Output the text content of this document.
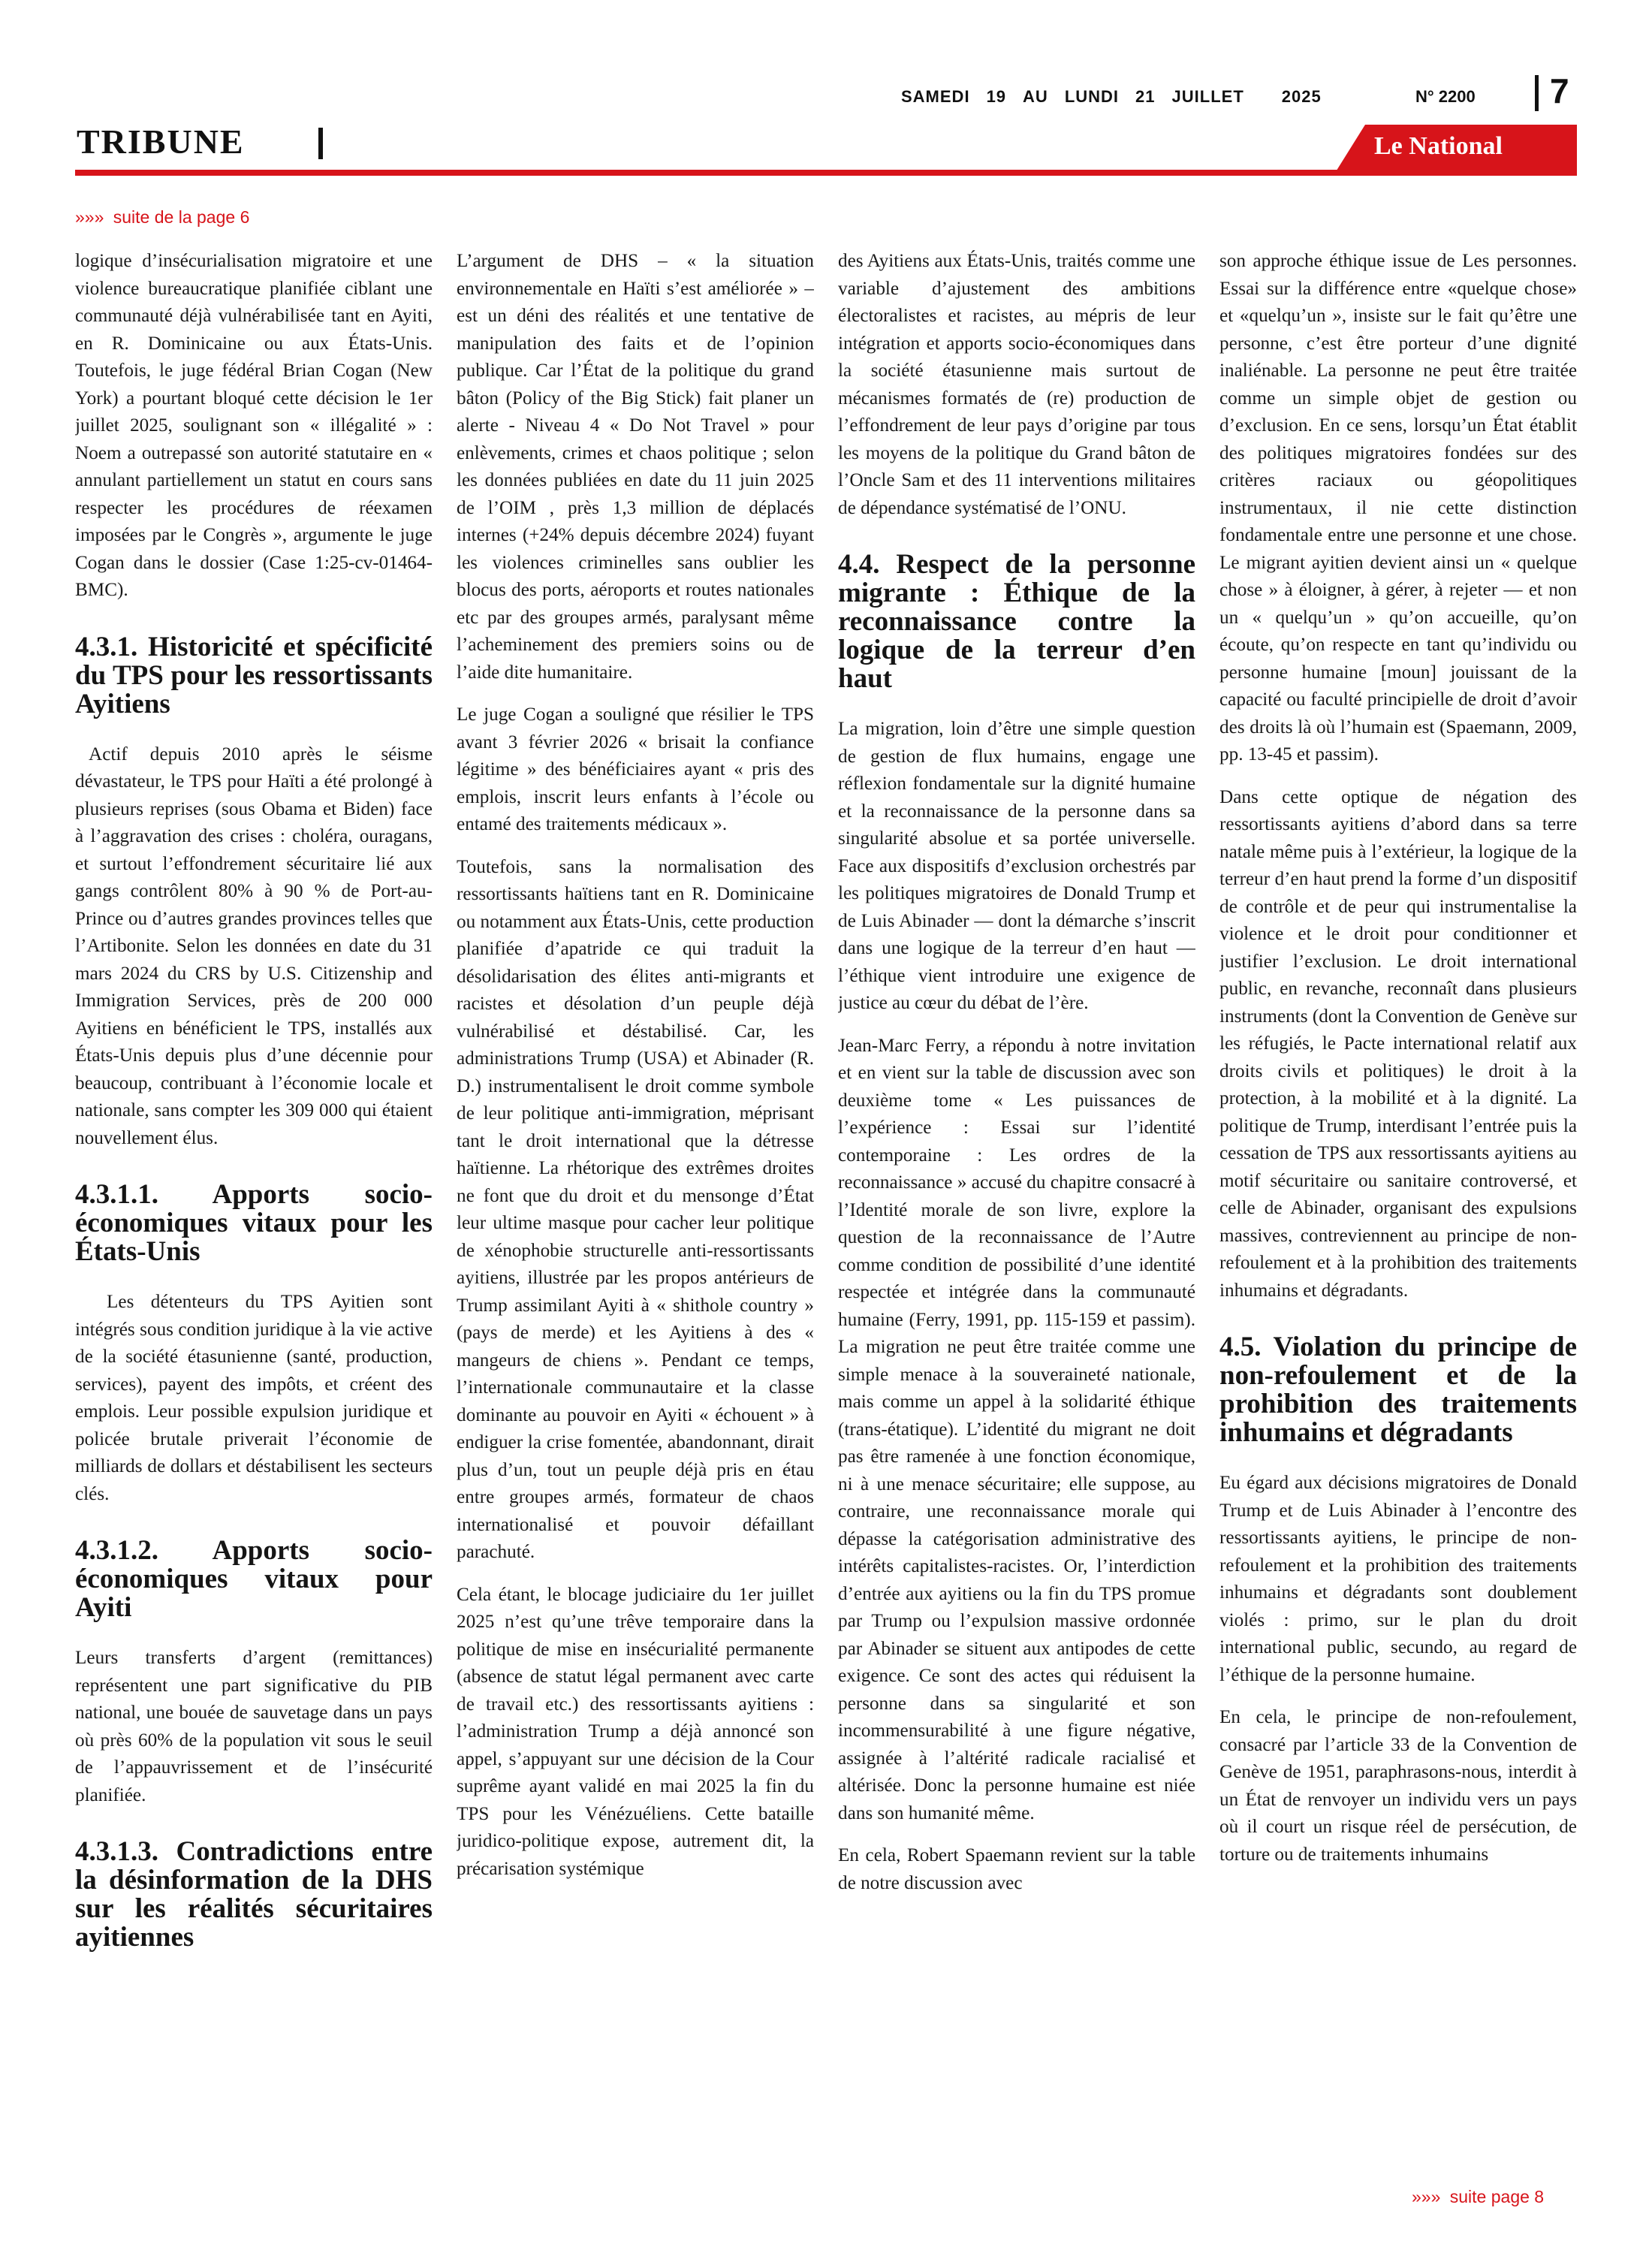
SAMEDI 19 AU LUNDI 21 JUILLET 2025	N° 2200 7
TRIBUNE	Le National
»»» suite de la page 6

logique d’insécurialisation migratoire et une violence bureaucratique planifiée ciblant une communauté déjà vulnérabilisée tant en Ayiti, en R. Dominicaine ou aux États-Unis. Toutefois, le juge fédéral Brian Cogan (New York) a pourtant bloqué cette décision le 1er juillet 2025, soulignant son « illégalité » : Noem a outrepassé son autorité statutaire en « annulant partiellement un statut en cours sans respecter les procédures de réexamen imposées par le Congrès », argumente le juge Cogan dans le dossier (Case 1:25-cv-01464-BMC).

4.3.1. Historicité et spécificité du TPS pour les ressortissants Ayitiens

Actif depuis 2010 après le séisme dévastateur, le TPS pour Haïti a été prolongé à plusieurs reprises (sous Obama et Biden) face à l’aggravation des crises : choléra, ouragans, et surtout l’effondrement sécuritaire lié aux gangs contrôlent 80% à 90 % de Port-au-Prince ou d’autres grandes provinces telles que l’Artibonite. Selon les données en date du 31 mars 2024 du CRS by U.S. Citizenship and Immigration Services, près de 200 000 Ayitiens en bénéficient le TPS, installés aux États-Unis depuis plus d’une décennie pour beaucoup, contribuant à l’économie locale et nationale, sans compter les 309 000 qui étaient nouvellement élus.

4.3.1.1. Apports socio-économiques vitaux pour les États-Unis

Les détenteurs du TPS Ayitien sont intégrés sous condition juridique à la vie active de la société étasunienne (santé, production, services), payent des impôts, et créent des emplois. Leur possible expulsion juridique et policée brutale priverait l’économie de milliards de dollars et déstabilisent les secteurs clés.

4.3.1.2. Apports socio-économiques vitaux pour Ayiti

Leurs transferts d’argent (remittances) représentent une part significative du PIB national, une bouée de sauvetage dans un pays où près 60% de la population vit sous le seuil de l’appauvrissement et de l’insécurité planifiée.

4.3.1.3. Contradictions entre la désinformation de la DHS sur les réalités sécuritaires ayitiennes

L’argument de DHS – « la situation environnementale en Haïti s’est améliorée » – est un déni des réalités et une tentative de manipulation des faits et de l’opinion publique. Car l’État de la politique du grand bâton (Policy of the Big Stick) fait planer un alerte - Niveau 4 « Do Not Travel » pour enlèvements, crimes et chaos politique ; selon les données publiées en date du 11 juin 2025 de l’OIM , près 1,3 million de déplacés internes (+24% depuis décembre 2024) fuyant les violences criminelles sans oublier les blocus des ports, aéroports et routes nationales etc par des groupes armés, paralysant même l’acheminement des premiers soins ou de l’aide dite humanitaire.

Le juge Cogan a souligné que résilier le TPS avant 3 février 2026 « brisait la confiance légitime » des bénéficiaires ayant « pris des emplois, inscrit leurs enfants à l’école ou entamé des traitements médicaux ».

Toutefois, sans la normalisation des ressortissants haïtiens tant en R. Dominicaine ou notamment aux États-Unis, cette production planifiée d’apatride ce qui traduit la désolidarisation des élites anti-migrants et racistes et désolation d’un peuple déjà vulnérabilisé et déstabilisé. Car, les administrations Trump (USA) et Abinader (R. D.) instrumentalisent le droit comme symbole de leur politique anti-immigration, méprisant tant le droit international que la détresse haïtienne. La rhétorique des extrêmes droites ne font que du droit et du mensonge d’État leur ultime masque pour cacher leur politique de xénophobie structurelle anti-ressortissants ayitiens, illustrée par les propos antérieurs de Trump assimilant Ayiti à « shithole country » (pays de merde) et les Ayitiens à des « mangeurs de chiens ». Pendant ce temps, l’internationale communautaire et la classe dominante au pouvoir en Ayiti « échouent » à endiguer la crise fomentée, abandonnant, dirait plus d’un, tout un peuple déjà pris en étau entre groupes armés, formateur de chaos internationalisé et pouvoir défaillant parachuté.

Cela étant, le blocage judiciaire du 1er juillet 2025 n’est qu’une trêve temporaire dans la politique de mise en insécurialité permanente (absence de statut légal permanent avec carte de travail etc.) des ressortissants ayitiens : l’administration Trump a déjà annoncé son appel, s’appuyant sur une décision de la Cour suprême ayant validé en mai 2025 la fin du TPS pour les Vénézuéliens. Cette bataille juridico-politique expose, autrement dit, la précarisation systémique

des Ayitiens aux États-Unis, traités comme une variable d’ajustement des ambitions électoralistes et racistes, au mépris de leur intégration et apports socio-économiques dans la société étasunienne mais surtout de mécanismes formatés de (re) production de l’effondrement de leur pays d’origine par tous les moyens de la politique du Grand bâton de l’Oncle Sam et des 11 interventions militaires de dépendance systématisé de l’ONU.

4.4. Respect de la personne migrante : Éthique de la reconnaissance contre la logique de la terreur d’en haut

La migration, loin d’être une simple question de gestion de flux humains, engage une réflexion fondamentale sur la dignité humaine et la reconnaissance de la personne dans sa singularité absolue et sa portée universelle. Face aux dispositifs d’exclusion orchestrés par les politiques migratoires de Donald Trump et de Luis Abinader — dont la démarche s’inscrit dans une logique de la terreur d’en haut — l’éthique vient introduire une exigence de justice au cœur du débat de l’ère.

Jean-Marc Ferry, a répondu à notre invitation et en vient sur la table de discussion avec son deuxième tome « Les puissances de l’expérience : Essai sur l’identité contemporaine : Les ordres de la reconnaissance » accusé du chapitre consacré à l’Identité morale de son livre, explore la question de la reconnaissance de l’Autre comme condition de possibilité d’une identité respectée et intégrée dans la communauté humaine (Ferry, 1991, pp. 115-159 et passim). La migration ne peut être traitée comme une simple menace à la souveraineté nationale, mais comme un appel à la solidarité éthique (trans-étatique). L’identité du migrant ne doit pas être ramenée à une fonction économique, ni à une menace sécuritaire; elle suppose, au contraire, une reconnaissance morale qui dépasse la catégorisation administrative des intérêts capitalistes-racistes. Or, l’interdiction d’entrée aux ayitiens ou la fin du TPS promue par Trump ou l’expulsion massive ordonnée par Abinader se situent aux antipodes de cette exigence. Ce sont des actes qui réduisent la personne dans sa singularité et son incommensurabilité à une figure négative, assignée à l’altérité radicale racialisé et altérisée. Donc la personne humaine est niée dans son humanité même.

En cela, Robert Spaemann revient sur la table de notre discussion avec

son approche éthique issue de Les personnes. Essai sur la différence entre «quelque chose» et «quelqu’un », insiste sur le fait qu’être une personne, c’est être porteur d’une dignité inaliénable. La personne ne peut être traitée comme un simple objet de gestion ou d’exclusion. En ce sens, lorsqu’un État établit des politiques migratoires fondées sur des critères raciaux ou géopolitiques instrumentaux, il nie cette distinction fondamentale entre une personne et une chose. Le migrant ayitien devient ainsi un « quelque chose » à éloigner, à gérer, à rejeter — et non un « quelqu’un » qu’on accueille, qu’on écoute, qu’on respecte en tant qu’individu ou personne humaine [moun] jouissant de la capacité ou faculté principielle de droit d’avoir des droits là où l’humain est (Spaemann, 2009, pp. 13-45 et passim).

Dans cette optique de négation des ressortissants ayitiens d’abord dans sa terre natale même puis à l’extérieur, la logique de la terreur d’en haut prend la forme d’un dispositif de contrôle et de peur qui instrumentalise la violence et le droit pour conditionner et justifier l’exclusion. Le droit international public, en revanche, reconnaît dans plusieurs instruments (dont la Convention de Genève sur les réfugiés, le Pacte international relatif aux droits civils et politiques) le droit à la protection, à la mobilité et à la dignité. La politique de Trump, interdisant l’entrée puis la cessation de TPS aux ressortissants ayitiens au motif sécuritaire ou sanitaire controversé, et celle de Abinader, organisant des expulsions massives, contreviennent au principe de non-refoulement et à la prohibition des traitements inhumains et dégradants.

4.5. Violation du principe de non-refoulement et de la prohibition des traitements inhumains et dégradants

Eu égard aux décisions migratoires de Donald Trump et de Luis Abinader à l’encontre des ressortissants ayitiens, le principe de non-refoulement et la prohibition des traitements inhumains et dégradants sont doublement violés : primo, sur le plan du droit international public, secundo, au regard de l’éthique de la personne humaine.

En cela, le principe de non-refoulement, consacré par l’article 33 de la Convention de Genève de 1951, paraphrasons-nous, interdit à un État de renvoyer un individu vers un pays où il court un risque réel de persécution, de torture ou de traitements inhumains

»»» suite page 8
